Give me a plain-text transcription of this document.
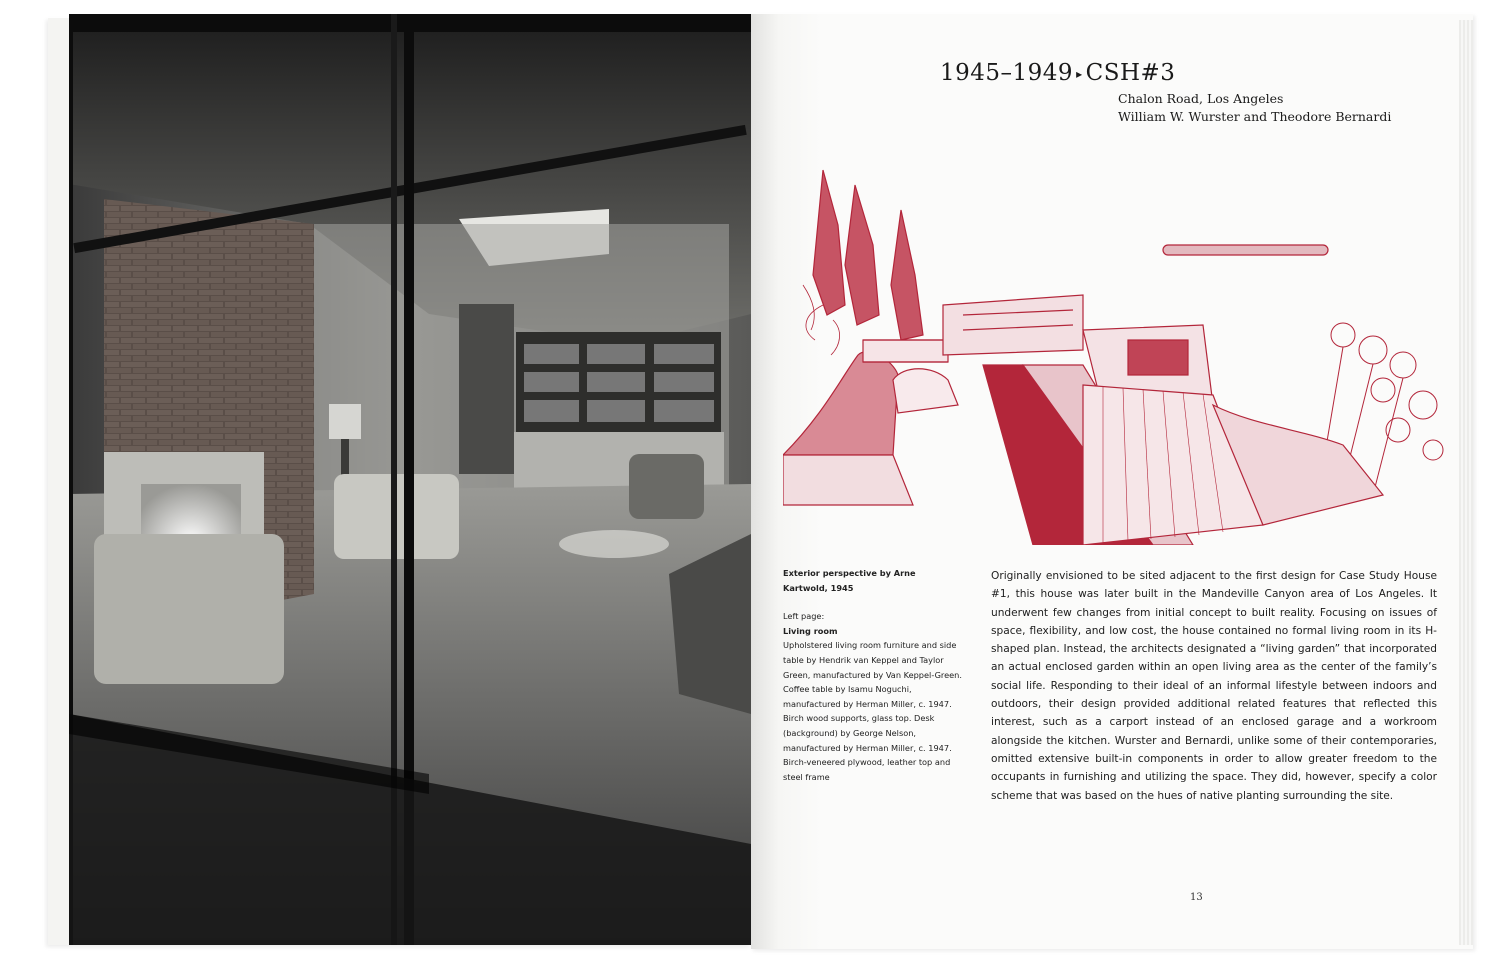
1945–1949 ▸ CSH#3
Chalon Road, Los Angeles
William W. Wurster and Theodore Bernardi
Exterior perspective by Arne Kartwold, 1945
Left page:
Living room
Upholstered living room furniture and side table by Hendrik van Keppel and Taylor Green, manufactured by Van Keppel-Green. Coffee table by Isamu Noguchi, manufactured by Herman Miller, c. 1947. Birch wood supports, glass top. Desk (background) by George Nelson, manufactured by Herman Miller, c. 1947. Birch-veneered plywood, leather top and steel frame
Originally envisioned to be sited adjacent to the first design for Case Study House #1, this house was later built in the Mandeville Canyon area of Los Angeles. It underwent few changes from initial concept to built reality. Focusing on issues of space, flexibility, and low cost, the house contained no formal living room in its H-shaped plan. Instead, the architects designated a “living garden” that incorporated an actual enclosed garden within an open living area as the center of the family’s social life. Responding to their ideal of an informal lifestyle between indoors and outdoors, their design provided additional related features that reflected this interest, such as a carport instead of an enclosed garage and a workroom alongside the kitchen. Wurster and Bernardi, unlike some of their contemporaries, omitted extensive built-in components in order to allow greater freedom to the occupants in furnishing and utilizing the space. They did, however, specify a color scheme that was based on the hues of native planting surrounding the site.
13
